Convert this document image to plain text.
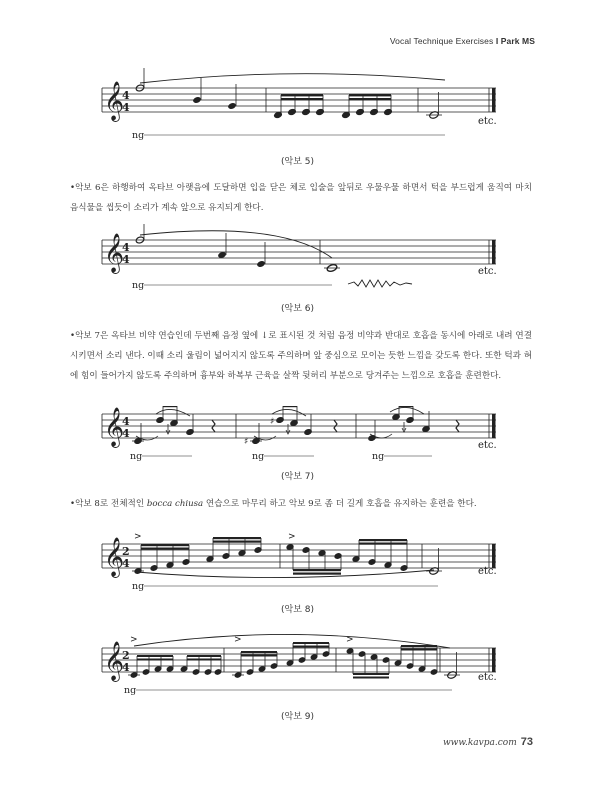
Vocal Technique Exercises I Park MS
𝄞
4
4
etc.
ng
(악보 5)
•악보 6은 하행하여 옥타브 아랫음에 도달하면 입을 닫은 체로 입술을 앞뒤로 우물우물 하면서 턱을 부드럽게 움직여 마치 음식물을 씹듯이 소리가 계속 앞으로 유지되게 한다.
𝄞
4
4
etc.
ng
(악보 6)
•악보 7은 옥타브 비약 연습인데 두번째 음정 옆에 ↓로 표시된 것 처럼 음정 비약과 반대로 호흡을 동시에 아래로 내려 연결시키면서 소리 낸다. 이때 소리 울림이 넓어지지 않도록 주의하며 앞 중심으로 모이는 듯한 느낌을 갖도록 한다. 또한 턱과 혀에 힘이 들어가지 않도록 주의하며 흉부와 하복부 근육을 살짝 뒷허리 부분으로 당겨주는 느낌으로 호흡을 훈련한다.
𝄞
4
4
♯
♯
etc.
ng	ng	ng
(악보 7)
•악보 8로 전체적인 bocca chiusa 연습으로 마무리 하고 악보 9로 좀 더 길게 호흡을 유지하는 훈련을 한다.
𝄞
2
4
>	>
etc.
ng
(악보 8)
𝄞
2
4
>	>	>
etc.
ng
(악보 9)
www.kavpa.com 73
